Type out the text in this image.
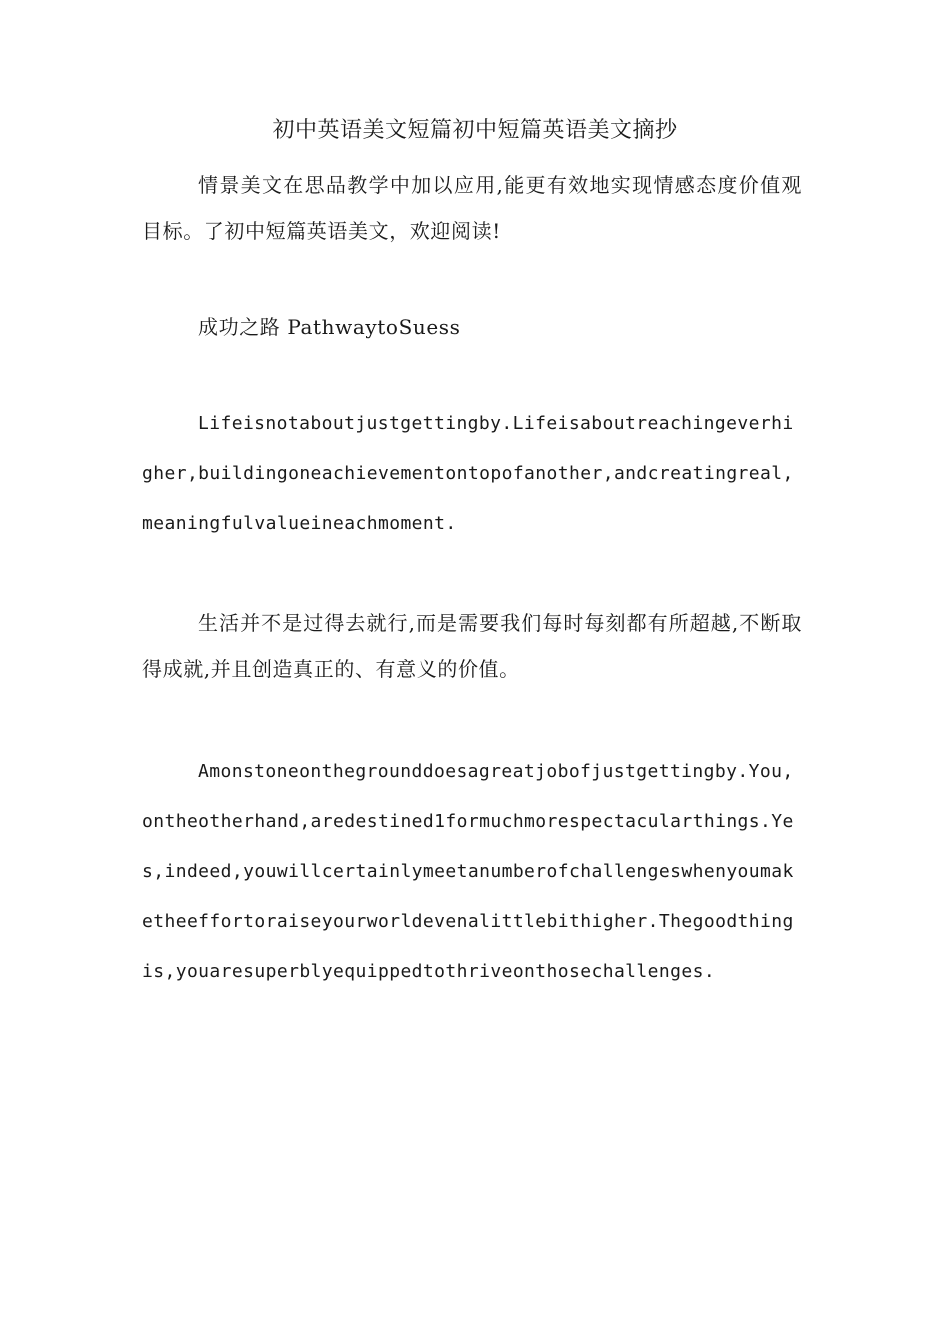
初中英语美文短篇初中短篇英语美文摘抄

情景美文在思品教学中加以应用,能更有效地实现情感态度价值观目标。了初中短篇英语美文，欢迎阅读!

成功之路 PathwaytoSuess

Lifeisnotaboutjustgettingby.Lifeisaboutreachingeverhigher,buildingoneachievementontopofanother,andcreatingreal,meaningfulvalueineachmoment.

生活并不是过得去就行,而是需要我们每时每刻都有所超越,不断取得成就,并且创造真正的、有意义的价值。

Amonstoneonthegrounddoesagreatjobofjustgettingby.You,ontheotherhand,aredestined1formuchmorespectacularthings.Yes,indeed,youwillcertainlymeetanumberofchallengeswhenyoumaketheeffortoraiseyourworldevenalittlebithigher.Thegoodthingis,youaresuperblyequippedtothriveonthosechallenges.
